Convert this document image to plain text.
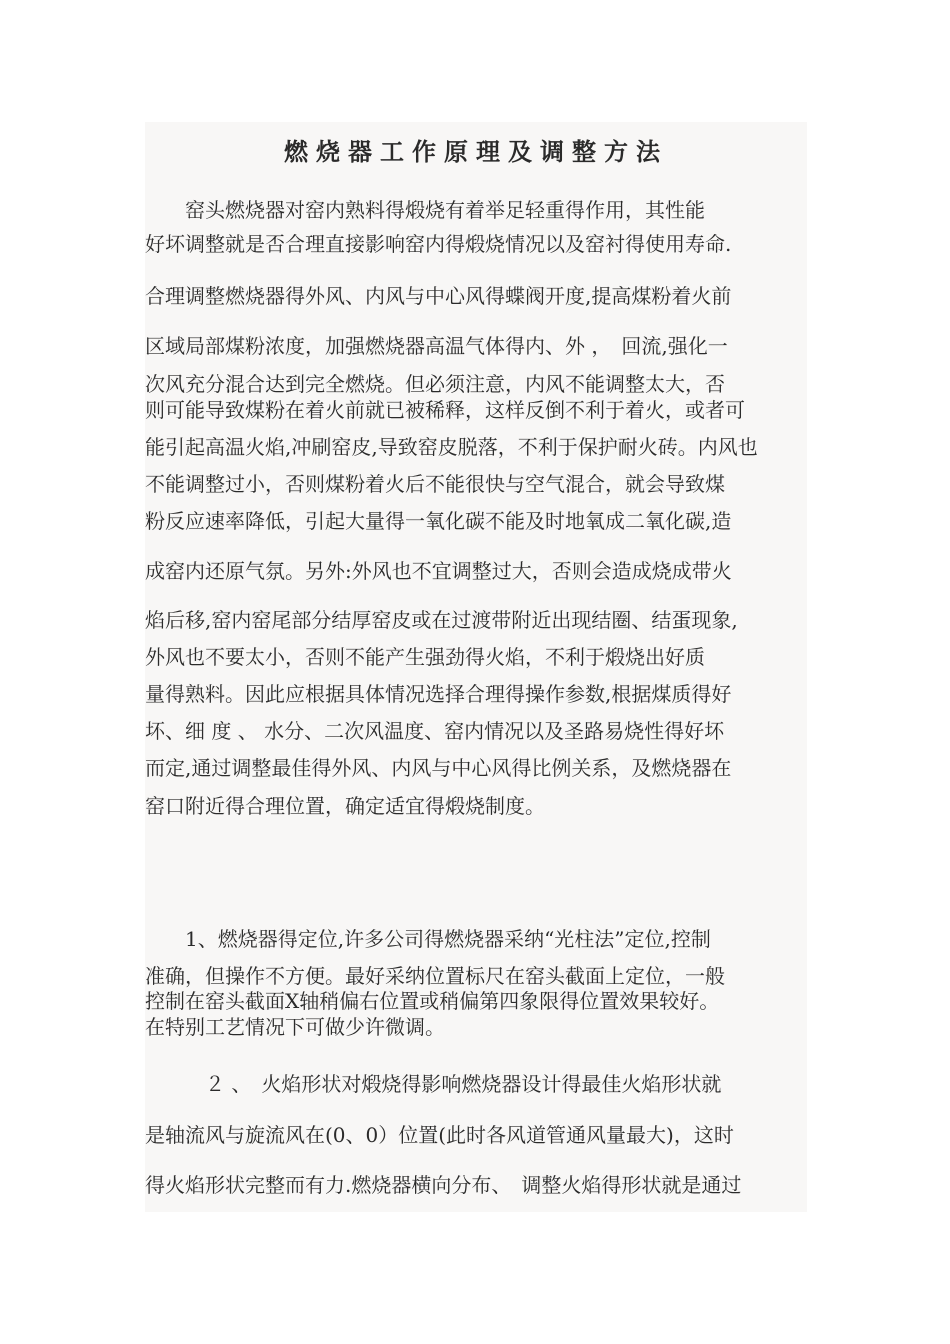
燃烧器工作原理及调整方法

　　窑头燃烧器对窑内熟料得煅烧有着举足轻重得作用，其性能

好坏调整就是否合理直接影响窑内得煅烧情况以及窑衬得使用寿命.

合理调整燃烧器得外风、内风与中心风得蝶阀开度,提高煤粉着火前

区域局部煤粉浓度，加强燃烧器高温气体得内、外 ，　回流,强化一

次风充分混合达到完全燃烧。但必须注意，内风不能调整太大，否

则可能导致煤粉在着火前就已被稀释，这样反倒不利于着火，或者可

能引起高温火焰,冲刷窑皮,导致窑皮脱落，不利于保护耐火砖。内风也

不能调整过小，否则煤粉着火后不能很快与空气混合，就会导致煤

粉反应速率降低，引起大量得一氧化碳不能及时地氧成二氧化碳,造

成窑内还原气氛。另外:外风也不宜调整过大，否则会造成烧成带火

焰后移,窑内窑尾部分结厚窑皮或在过渡带附近出现结圈、结蛋现象,

外风也不要太小，否则不能产生强劲得火焰，不利于煅烧出好质

量得熟料。因此应根据具体情况选择合理得操作参数,根据煤质得好

坏、细 度 、 水分、二次风温度、窑内情况以及圣路易烧性得好坏

而定,通过调整最佳得外风、内风与中心风得比例关系，及燃烧器在

窑口附近得合理位置，确定适宜得煅烧制度。

　　1、燃烧器得定位,许多公司得燃烧器采纳“光柱法”定位,控制

准确，但操作不方便。最好采纳位置标尺在窑头截面上定位，一般

控制在窑头截面X轴稍偏右位置或稍偏第四象限得位置效果较好。

在特别工艺情况下可做少许微调。

　　　２ 、　火焰形状对煅烧得影响燃烧器设计得最佳火焰形状就

是轴流风与旋流风在(0、0）位置(此时各风道管通风量最大)，这时

得火焰形状完整而有力.燃烧器横向分布、　调整火焰得形状就是通过
